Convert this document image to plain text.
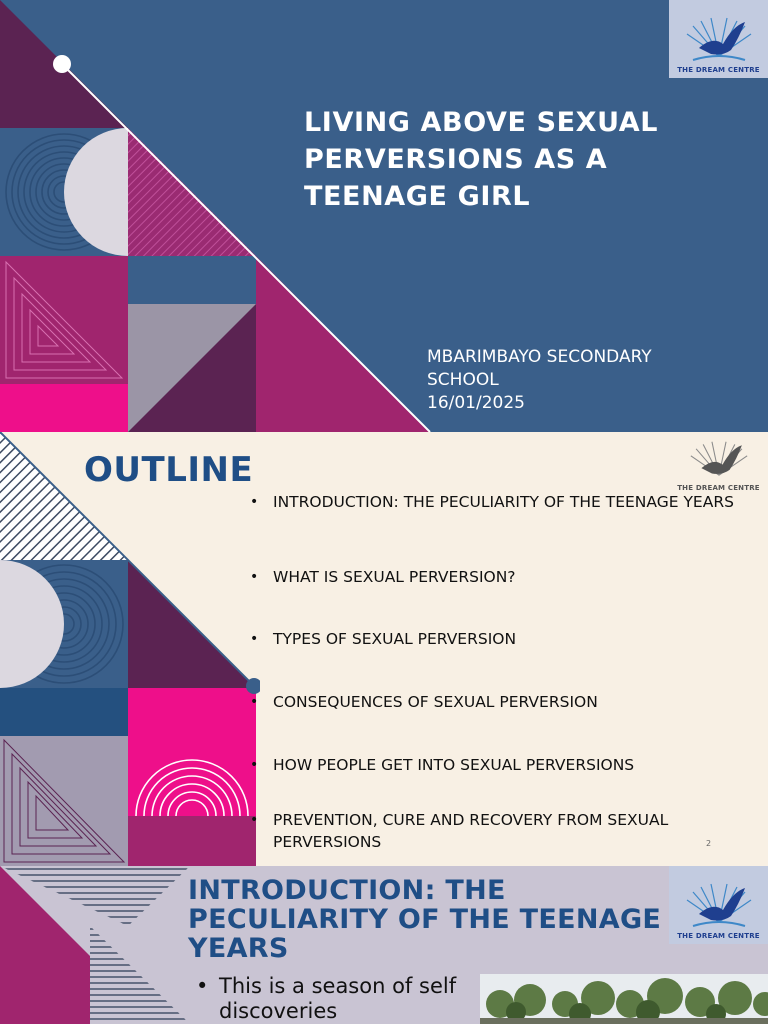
THE DREAM CENTRE
LIVING ABOVE SEXUAL PERVERSIONS AS A TEENAGE GIRL
MBARIMBAYO SECONDARY
SCHOOL
16/01/2025
THE DREAM CENTRE
OUTLINE
• INTRODUCTION: THE PECULIARITY OF THE TEENAGE YEARS
• WHAT IS SEXUAL PERVERSION?
• TYPES OF SEXUAL PERVERSION
• CONSEQUENCES OF SEXUAL PERVERSION
• HOW PEOPLE GET INTO SEXUAL PERVERSIONS
• PREVENTION, CURE AND RECOVERY FROM SEXUAL PERVERSIONS	2
THE DREAM CENTRE
INTRODUCTION: THE PECULIARITY OF THE TEENAGE YEARS
• This is a season of self discoveries
